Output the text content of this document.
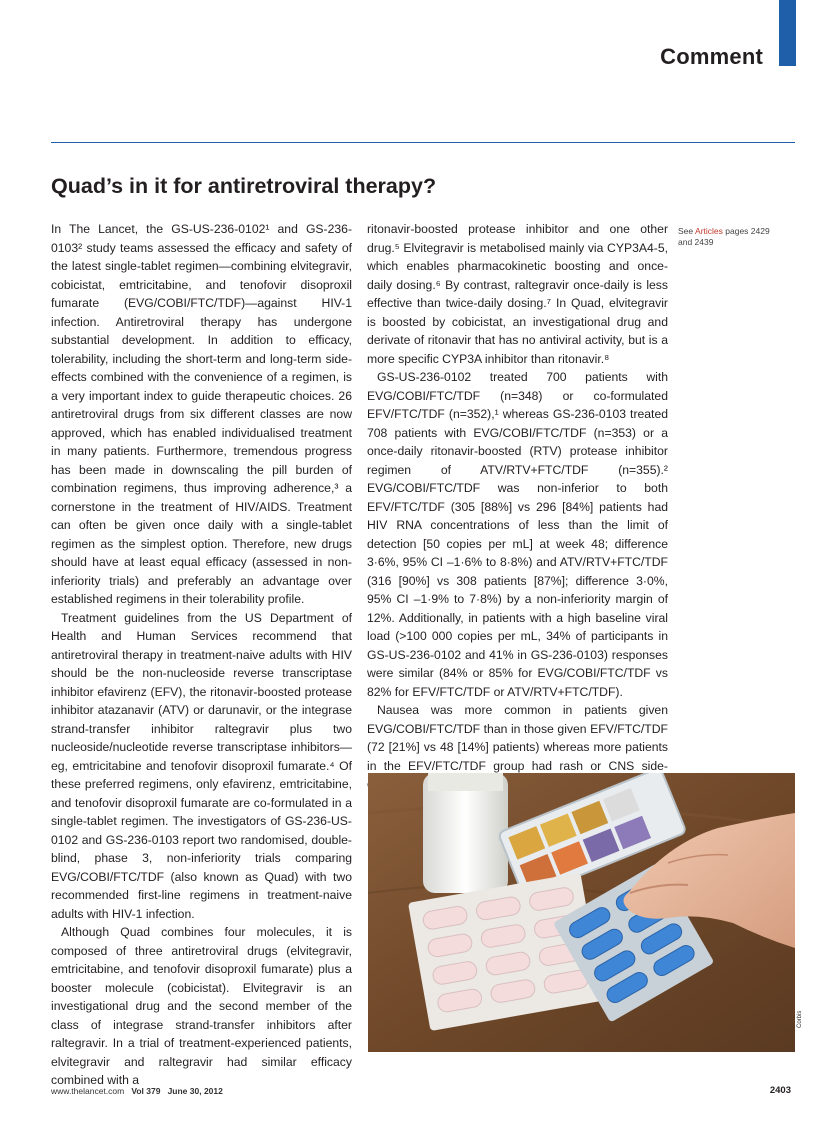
Comment
Quad’s in it for antiretroviral therapy?

In The Lancet, the GS-US-236-0102¹ and GS-236-0103² study teams assessed the efficacy and safety of the latest single-tablet regimen—combining elvitegravir, cobicistat, emtricitabine, and tenofovir disoproxil fumarate (EVG/COBI/FTC/TDF)—against HIV-1 infection. Antiretroviral therapy has undergone substantial development. In addition to efficacy, tolerability, including the short-term and long-term side-effects combined with the convenience of a regimen, is a very important index to guide therapeutic choices. 26 antiretroviral drugs from six different classes are now approved, which has enabled individualised treatment in many patients. Furthermore, tremendous progress has been made in downscaling the pill burden of combination regimens, thus improving adherence,³ a cornerstone in the treatment of HIV/AIDS. Treatment can often be given once daily with a single-tablet regimen as the simplest option. Therefore, new drugs should have at least equal efficacy (assessed in non-inferiority trials) and preferably an advantage over established regimens in their tolerability profile.

Treatment guidelines from the US Department of Health and Human Services recommend that antiretroviral therapy in treatment-naive adults with HIV should be the non-nucleoside reverse transcriptase inhibitor efavirenz (EFV), the ritonavir-boosted protease inhibitor atazanavir (ATV) or darunavir, or the integrase strand-transfer inhibitor raltegravir plus two nucleoside/nucleotide reverse transcriptase inhibitors—eg, emtricitabine and tenofovir disoproxil fumarate.⁴ Of these preferred regimens, only efavirenz, emtricitabine, and tenofovir disoproxil fumarate are co-formulated in a single-tablet regimen. The investigators of GS-236-US-0102 and GS-236-0103 report two randomised, double-blind, phase 3, non-inferiority trials comparing EVG/COBI/FTC/TDF (also known as Quad) with two recommended first-line regimens in treatment-naive adults with HIV-1 infection.

Although Quad combines four molecules, it is composed of three antiretroviral drugs (elvitegravir, emtricitabine, and tenofovir disoproxil fumarate) plus a booster molecule (cobicistat). Elvitegravir is an investigational drug and the second member of the class of integrase strand-transfer inhibitors after raltegravir. In a trial of treatment-experienced patients, elvitegravir and raltegravir had similar efficacy combined with a

ritonavir-boosted protease inhibitor and one other drug.⁵ Elvitegravir is metabolised mainly via CYP3A4-5, which enables pharmacokinetic boosting and once-daily dosing.⁶ By contrast, raltegravir once-daily is less effective than twice-daily dosing.⁷ In Quad, elvitegravir is boosted by cobicistat, an investigational drug and derivate of ritonavir that has no antiviral activity, but is a more specific CYP3A inhibitor than ritonavir.⁸

GS-US-236-0102 treated 700 patients with EVG/COBI/FTC/TDF (n=348) or co-formulated EFV/FTC/TDF (n=352),¹ whereas GS-236-0103 treated 708 patients with EVG/COBI/FTC/TDF (n=353) or a once-daily ritonavir-boosted (RTV) protease inhibitor regimen of ATV/RTV+FTC/TDF (n=355).² EVG/COBI/FTC/TDF was non-inferior to both EFV/FTC/TDF (305 [88%] vs 296 [84%] patients had HIV RNA concentrations of less than the limit of detection [50 copies per mL] at week 48; difference 3·6%, 95% CI –1·6% to 8·8%) and ATV/RTV+FTC/TDF (316 [90%] vs 308 patients [87%]; difference 3·0%, 95% CI –1·9% to 7·8%) by a non-inferiority margin of 12%. Additionally, in patients with a high baseline viral load (>100 000 copies per mL, 34% of participants in GS-US-236-0102 and 41% in GS-236-0103) responses were similar (84% or 85% for EVG/COBI/FTC/TDF vs 82% for EFV/FTC/TDF or ATV/RTV+FTC/TDF).

Nausea was more common in patients given EVG/COBI/FTC/TDF than in those given EFV/FTC/TDF (72 [21%] vs 48 [14%] patients) whereas more patients in the EFV/FTC/TDF group had rash or CNS side-

See Articles pages 2429 and 2439
Corbis
www.thelancet.com Vol 379 June 30, 2012	2403
